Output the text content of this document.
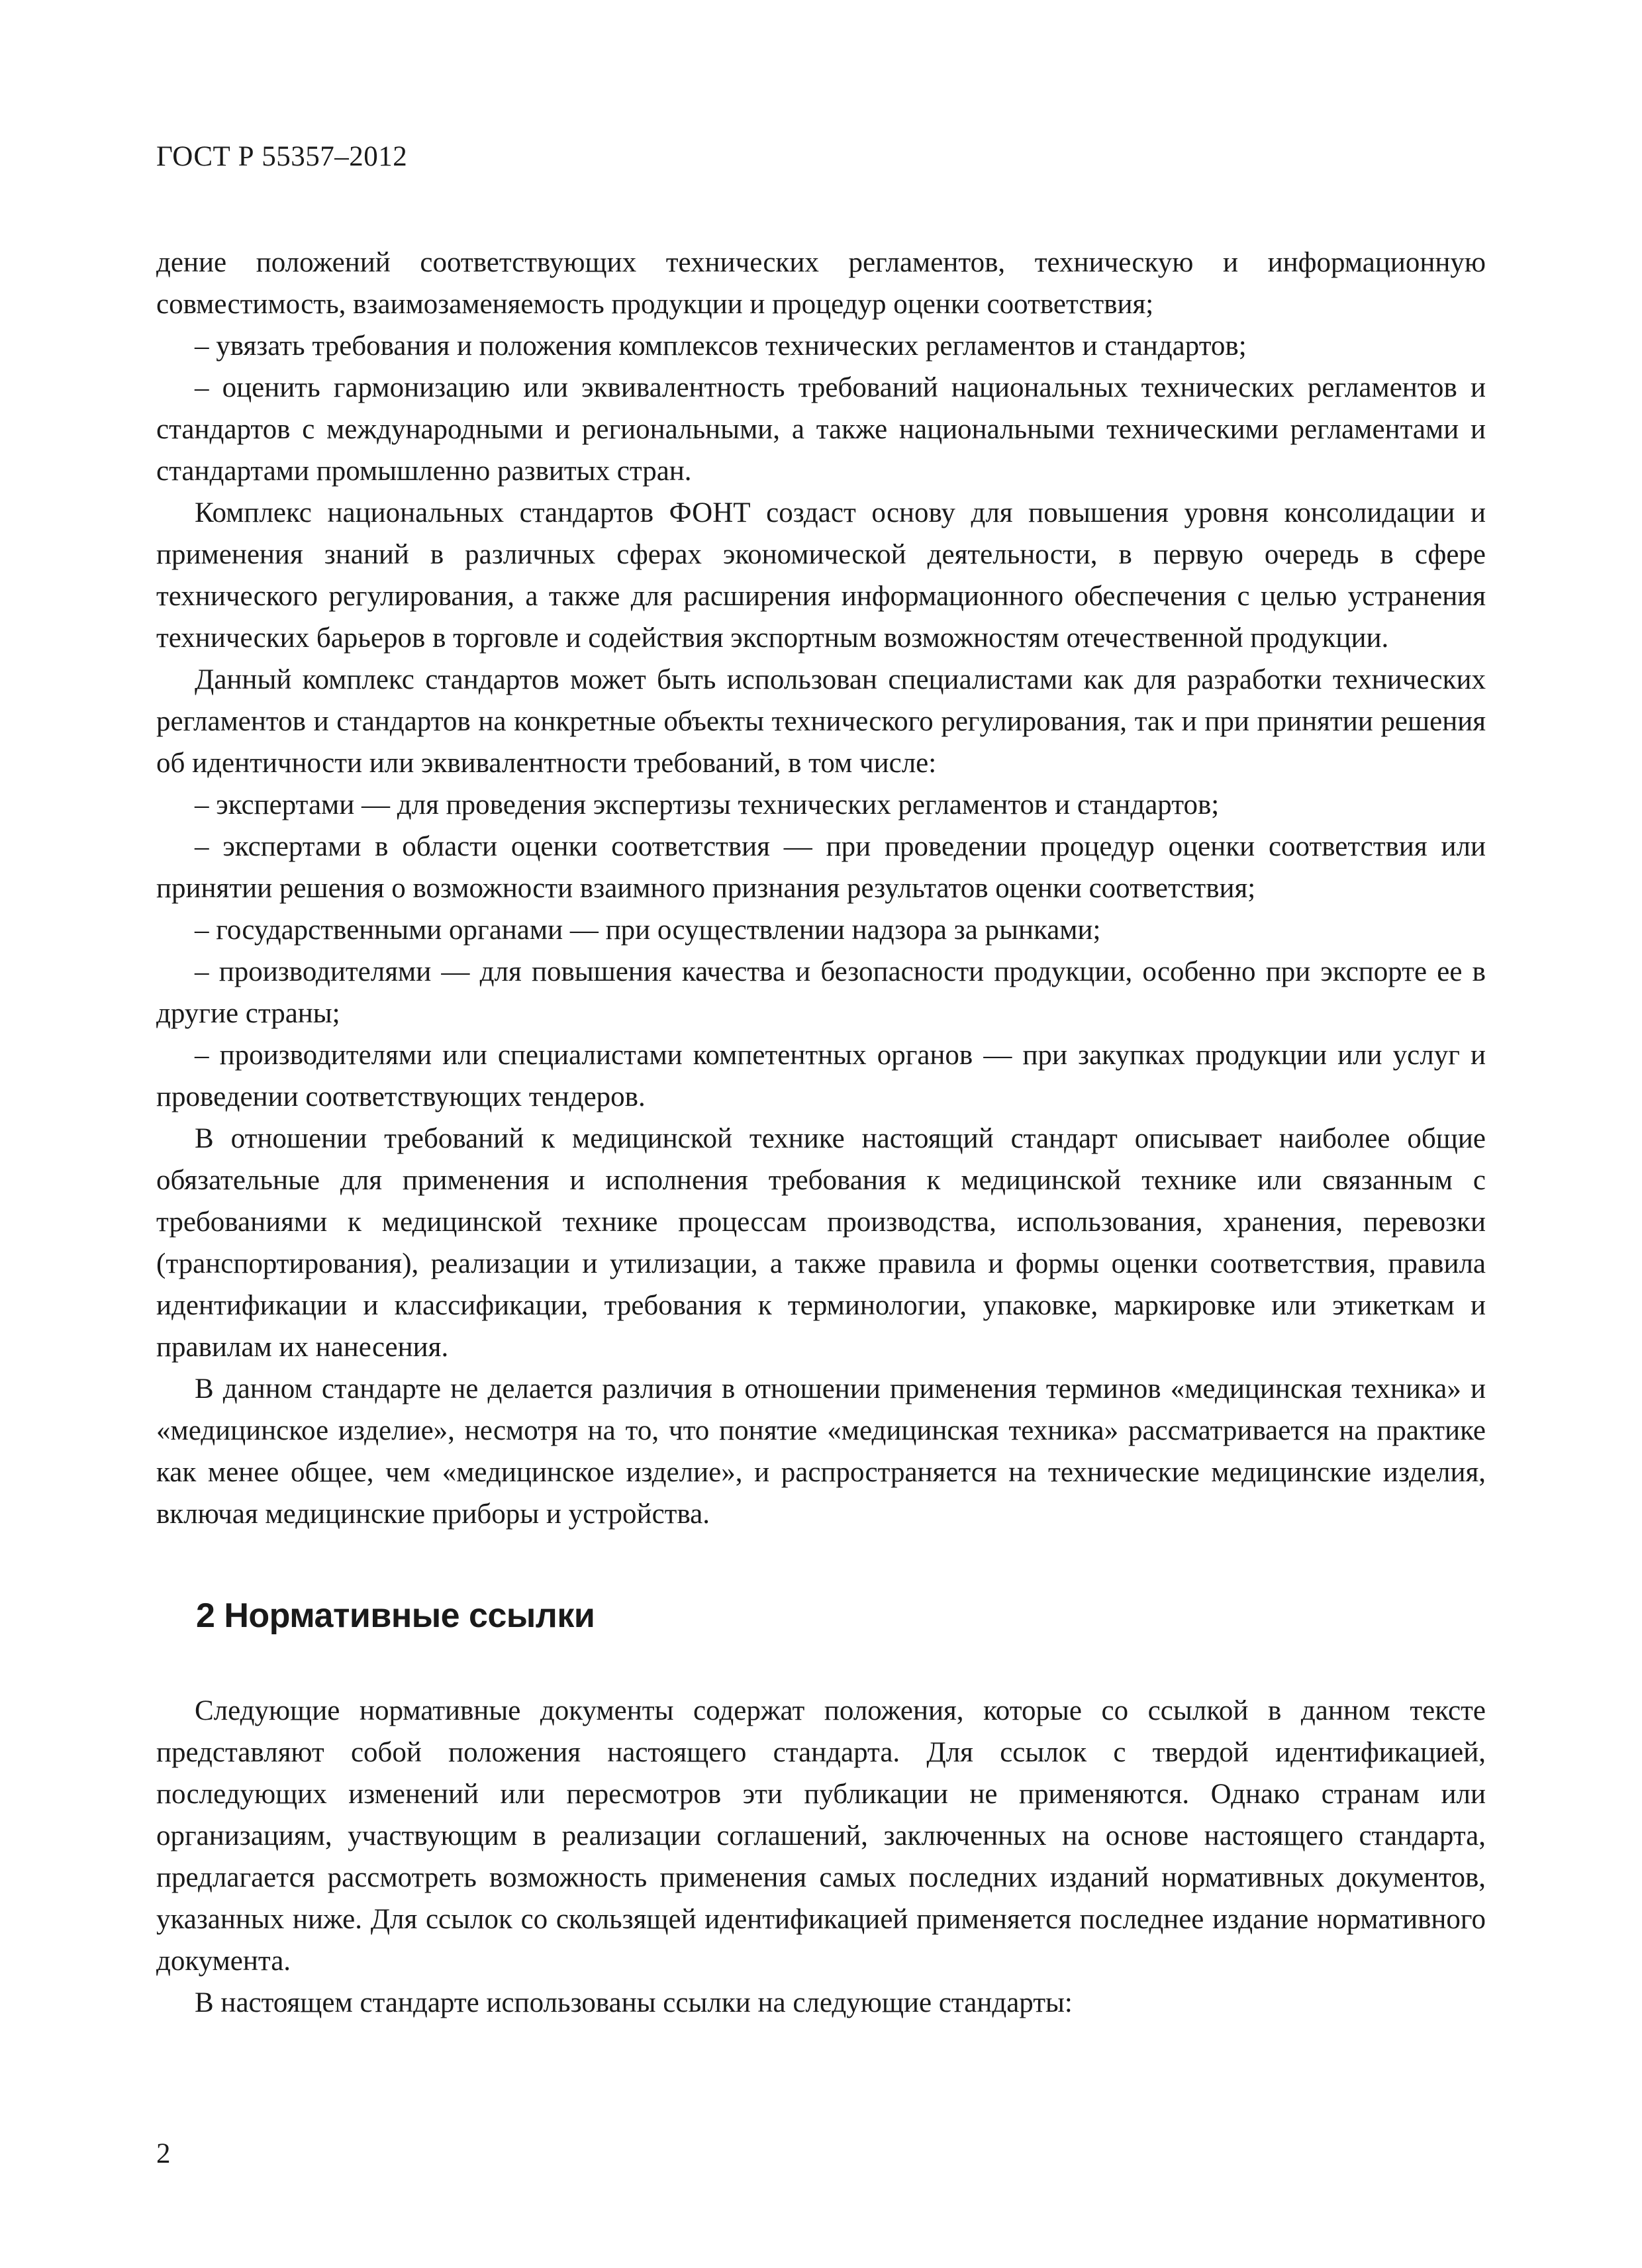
ГОСТ Р 55357–2012

дение положений соответствующих технических регламентов, техническую и информационную совместимость, взаимозаменяемость продукции и процедур оценки соответствия;

– увязать требования и положения комплексов технических регламентов и стандартов;

– оценить гармонизацию или эквивалентность требований национальных технических регламентов и стандартов с международными и региональными, а также национальными техническими регламентами и стандартами промышленно развитых стран.

Комплекс национальных стандартов ФОНТ создаст основу для повышения уровня консолидации и применения знаний в различных сферах экономической деятельности, в первую очередь в сфере технического регулирования, а также для расширения информационного обеспечения с целью устранения технических барьеров в торговле и содействия экспортным возможностям отечественной продукции.

Данный комплекс стандартов может быть использован специалистами как для разработки технических регламентов и стандартов на конкретные объекты технического регулирования, так и при принятии решения об идентичности или эквивалентности требований, в том числе:

– экспертами — для проведения экспертизы технических регламентов и стандартов;

– экспертами в области оценки соответствия — при проведении процедур оценки соответствия или принятии решения о возможности взаимного признания результатов оценки соответствия;

– государственными органами — при осуществлении надзора за рынками;

– производителями — для повышения качества и безопасности продукции, особенно при экспорте ее в другие страны;

– производителями или специалистами компетентных органов — при закупках продукции или услуг и проведении соответствующих тендеров.

В отношении требований к медицинской технике настоящий стандарт описывает наиболее общие обязательные для применения и исполнения требования к медицинской технике или связанным с требованиями к медицинской технике процессам производства, использования, хранения, перевозки (транспортирования), реализации и утилизации, а также правила и формы оценки соответствия, правила идентификации и классификации, требования к терминологии, упаковке, маркировке или этикеткам и правилам их нанесения.

В данном стандарте не делается различия в отношении применения терминов «медицинская техника» и «медицинское изделие», несмотря на то, что понятие «медицинская техника» рассматривается на практике как менее общее, чем «медицинское изделие», и распространяется на технические медицинские изделия, включая медицинские приборы и устройства.

2 Нормативные ссылки

Следующие нормативные документы содержат положения, которые со ссылкой в данном тексте представляют собой положения настоящего стандарта. Для ссылок с твердой идентификацией, последующих изменений или пересмотров эти публикации не применяются. Однако странам или организациям, участвующим в реализации соглашений, заключенных на основе настоящего стандарта, предлагается рассмотреть возможность применения самых последних изданий нормативных документов, указанных ниже. Для ссылок со скользящей идентификацией применяется последнее издание нормативного документа.

В настоящем стандарте использованы ссылки на следующие стандарты:

2
